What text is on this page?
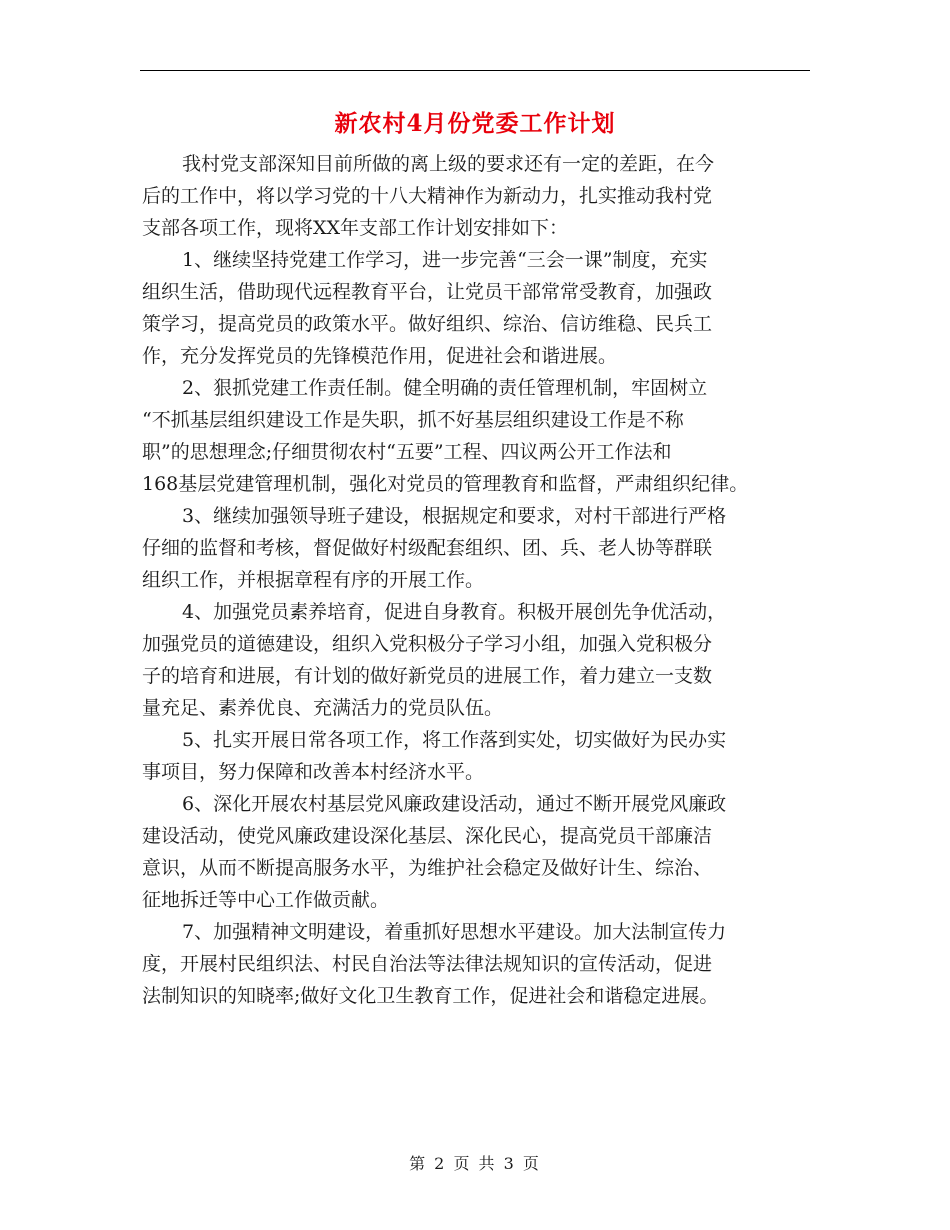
新农村4月份党委工作计划

我村党支部深知目前所做的离上级的要求还有一定的差距，在今
后的工作中，将以学习党的十八大精神作为新动力，扎实推动我村党
支部各项工作，现将XX年支部工作计划安排如下：

1、继续坚持党建工作学习，进一步完善“三会一课”制度，充实
组织生活，借助现代远程教育平台，让党员干部常常受教育，加强政
策学习，提高党员的政策水平。做好组织、综治、信访维稳、民兵工
作，充分发挥党员的先锋模范作用，促进社会和谐进展。

2、狠抓党建工作责任制。健全明确的责任管理机制，牢固树立
“不抓基层组织建设工作是失职，抓不好基层组织建设工作是不称
职”的思想理念;仔细贯彻农村“五要”工程、四议两公开工作法和
168基层党建管理机制，强化对党员的管理教育和监督，严肃组织纪律。

3、继续加强领导班子建设，根据规定和要求，对村干部进行严格
仔细的监督和考核，督促做好村级配套组织、团、兵、老人协等群联
组织工作，并根据章程有序的开展工作。

4、加强党员素养培育，促进自身教育。积极开展创先争优活动，
加强党员的道德建设，组织入党积极分子学习小组，加强入党积极分
子的培育和进展，有计划的做好新党员的进展工作，着力建立一支数
量充足、素养优良、充满活力的党员队伍。

5、扎实开展日常各项工作，将工作落到实处，切实做好为民办实
事项目，努力保障和改善本村经济水平。

6、深化开展农村基层党风廉政建设活动，通过不断开展党风廉政
建设活动，使党风廉政建设深化基层、深化民心，提高党员干部廉洁
意识，从而不断提高服务水平，为维护社会稳定及做好计生、综治、
征地拆迁等中心工作做贡献。

7、加强精神文明建设，着重抓好思想水平建设。加大法制宣传力
度，开展村民组织法、村民自治法等法律法规知识的宣传活动，促进
法制知识的知晓率;做好文化卫生教育工作，促进社会和谐稳定进展。

第 2 页 共 3 页
